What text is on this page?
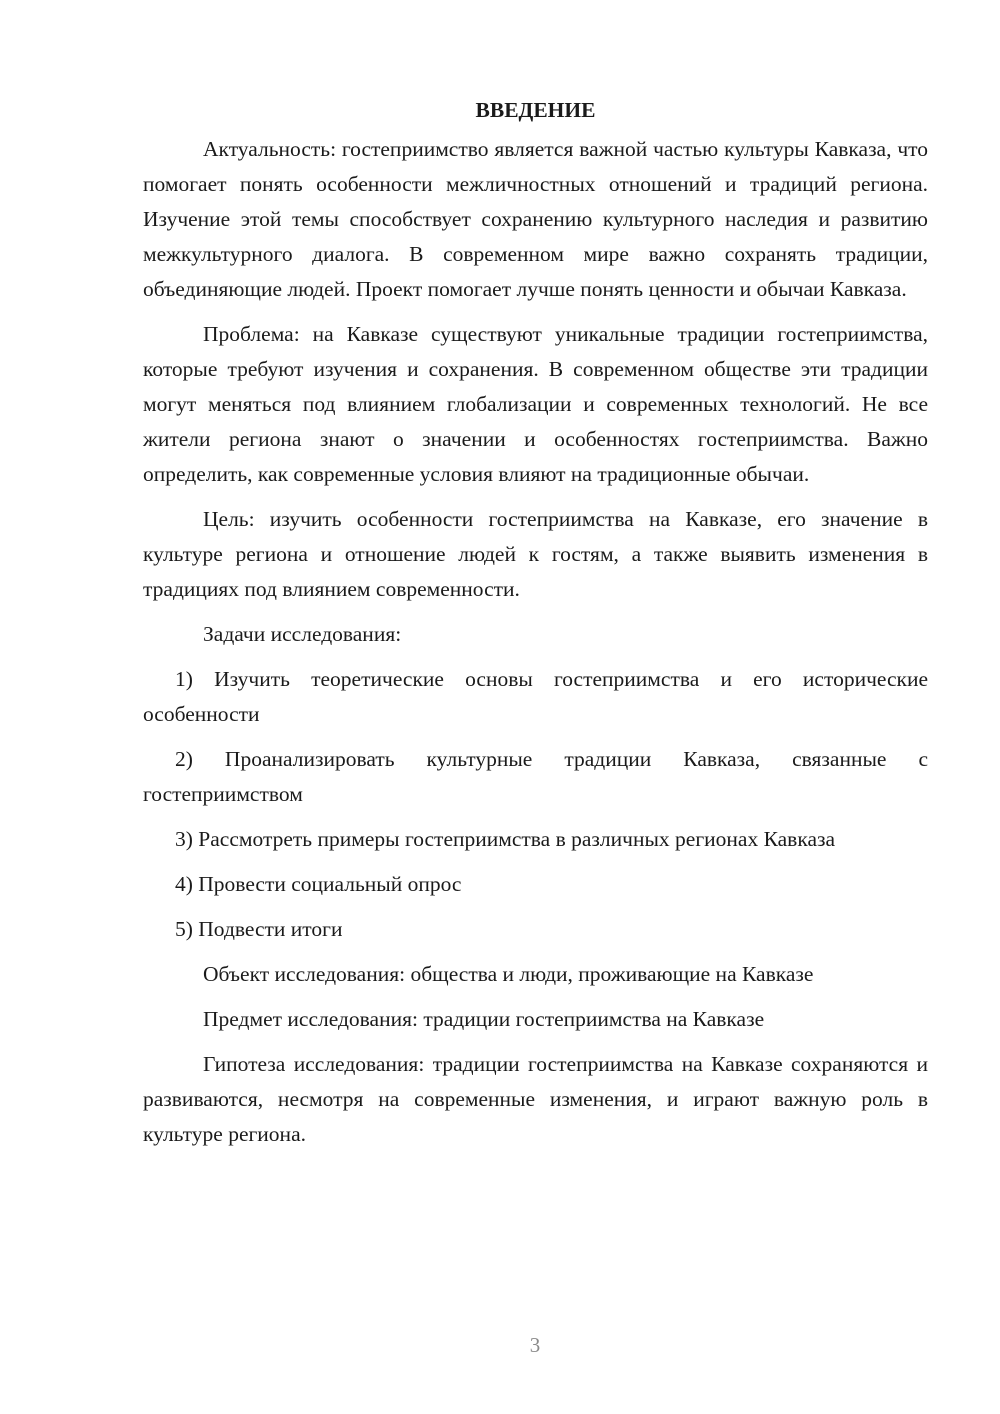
ВВЕДЕНИЕ

Актуальность: гостеприимство является важной частью культуры Кавказа, что помогает понять особенности межличностных отношений и традиций региона. Изучение этой темы способствует сохранению культурного наследия и развитию межкультурного диалога. В современном мире важно сохранять традиции, объединяющие людей. Проект помогает лучше понять ценности и обычаи Кавказа.

Проблема: на Кавказе существуют уникальные традиции гостеприимства, которые требуют изучения и сохранения. В современном обществе эти традиции могут меняться под влиянием глобализации и современных технологий. Не все жители региона знают о значении и особенностях гостеприимства. Важно определить, как современные условия влияют на традиционные обычаи.

Цель: изучить особенности гостеприимства на Кавказе, его значение в культуре региона и отношение людей к гостям, а также выявить изменения в традициях под влиянием современности.

Задачи исследования:

1) Изучить теоретические основы гостеприимства и его исторические особенности

2) Проанализировать культурные традиции Кавказа, связанные с гостеприимством

3) Рассмотреть примеры гостеприимства в различных регионах Кавказа

4) Провести социальный опрос

5) Подвести итоги

Объект исследования: общества и люди, проживающие на Кавказе

Предмет исследования: традиции гостеприимства на Кавказе

Гипотеза исследования: традиции гостеприимства на Кавказе сохраняются и развиваются, несмотря на современные изменения, и играют важную роль в культуре региона.

3
